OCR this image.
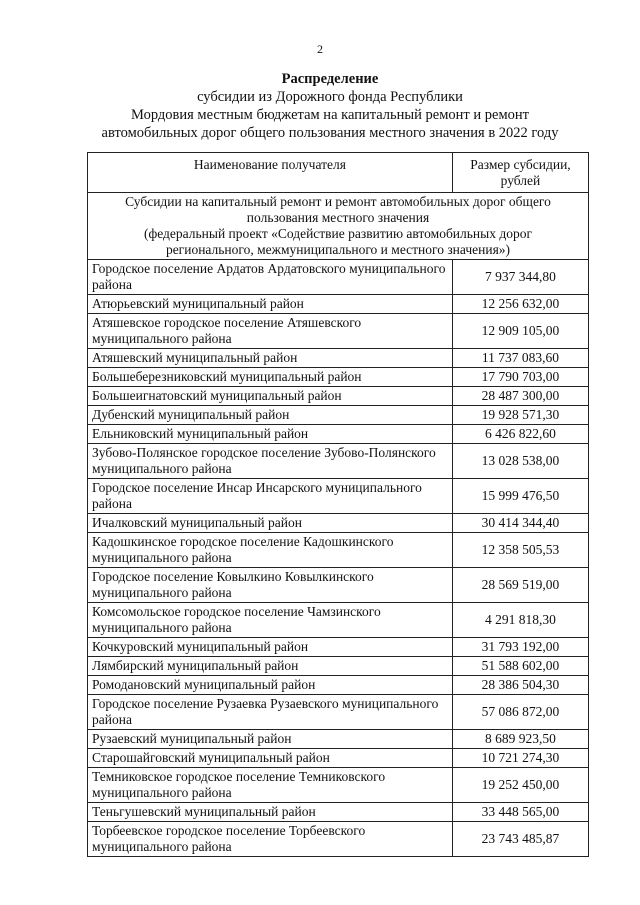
2
Распределение
субсидии из Дорожного фонда Республики
Мордовия местным бюджетам на капитальный ремонт и ремонт
автомобильных дорог общего пользования местного значения в 2022 году
Наименование получателя	Размер субсидии, рублей

Субсидии на капитальный ремонт и ремонт автомобильных дорог общего
пользования местного значения
(федеральный проект «Содействие развитию автомобильных дорог
регионального, межмуниципального и местного значения»)	

Городское поселение Ардатов Ардатовского муниципального района	7 937 344,80
Атюрьевский муниципальный район	12 256 632,00
Атяшевское городское поселение Атяшевского муниципального района	12 909 105,00
Атяшевский муниципальный район	11 737 083,60
Большеберезниковский муниципальный район	17 790 703,00
Большеигнатовский муниципальный район	28 487 300,00
Дубенский муниципальный район	19 928 571,30
Ельниковский муниципальный район	6 426 822,60
Зубово-Полянское городское поселение Зубово-Полянского муниципального района	13 028 538,00
Городское поселение Инсар Инсарского муниципального района	15 999 476,50
Ичалковский муниципальный район	30 414 344,40
Кадошкинское городское поселение Кадошкинского муниципального района	12 358 505,53
Городское поселение Ковылкино Ковылкинского муниципального района	28 569 519,00
Комсомольское городское поселение Чамзинского муниципального района	4 291 818,30
Кочкуровский муниципальный район	31 793 192,00
Лямбирский муниципальный район	51 588 602,00
Ромодановский муниципальный район	28 386 504,30
Городское поселение Рузаевка Рузаевского муниципального района	57 086 872,00
Рузаевский муниципальный район	8 689 923,50
Старошайговский муниципальный район	10 721 274,30
Темниковское городское поселение Темниковского муниципального района	19 252 450,00
Теньгушевский муниципальный район	33 448 565,00
Торбеевское городское поселение Торбеевского муниципального района	23 743 485,87
